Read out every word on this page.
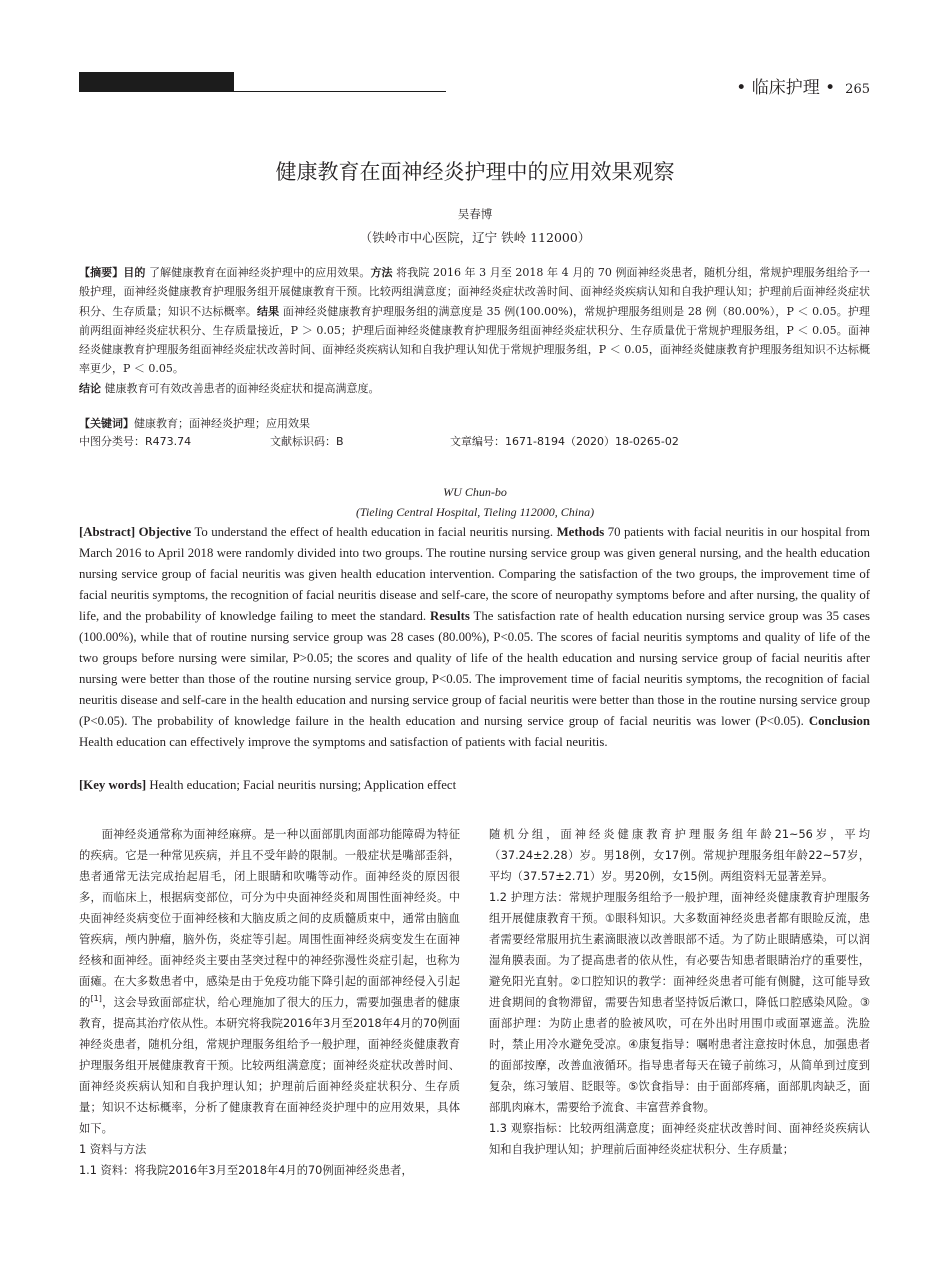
• 临床护理 • 265
健康教育在面神经炎护理中的应用效果观察
吴春博
（铁岭市中心医院，辽宁 铁岭 112000）
【摘要】目的 了解健康教育在面神经炎护理中的应用效果。方法 将我院 2016 年 3 月至 2018 年 4 月的 70 例面神经炎患者，随机分组，常规护理服务组给予一般护理，面神经炎健康教育护理服务组开展健康教育干预。比较两组满意度；面神经炎症状改善时间、面神经炎疾病认知和自我护理认知；护理前后面神经炎症状积分、生存质量；知识不达标概率。结果 面神经炎健康教育护理服务组的满意度是 35 例(100.00%)，常规护理服务组则是 28 例（80.00%），P ＜ 0.05。护理前两组面神经炎症状积分、生存质量接近，P ＞ 0.05；护理后面神经炎健康教育护理服务组面神经炎症状积分、生存质量优于常规护理服务组，P ＜ 0.05。面神经炎健康教育护理服务组面神经炎症状改善时间、面神经炎疾病认知和自我护理认知优于常规护理服务组，P ＜ 0.05，面神经炎健康教育护理服务组知识不达标概率更少，P ＜ 0.05。
结论 健康教育可有效改善患者的面神经炎症状和提高满意度。
【关键词】健康教育；面神经炎护理；应用效果
中图分类号：R473.74	文献标识码：B	文章编号：1671-8194（2020）18-0265-02
WU Chun-bo
(Tieling Central Hospital, Tieling 112000, China)
[Abstract] Objective To understand the effect of health education in facial neuritis nursing. Methods 70 patients with facial neuritis in our hospital from March 2016 to April 2018 were randomly divided into two groups. The routine nursing service group was given general nursing, and the health education nursing service group of facial neuritis was given health education intervention. Comparing the satisfaction of the two groups, the improvement time of facial neuritis symptoms, the recognition of facial neuritis disease and self-care, the score of neuropathy symptoms before and after nursing, the quality of life, and the probability of knowledge failing to meet the standard. Results The satisfaction rate of health education nursing service group was 35 cases (100.00%), while that of routine nursing service group was 28 cases (80.00%), P<0.05. The scores of facial neuritis symptoms and quality of life of the two groups before nursing were similar, P>0.05; the scores and quality of life of the health education and nursing service group of facial neuritis after nursing were better than those of the routine nursing service group, P<0.05. The improvement time of facial neuritis symptoms, the recognition of facial neuritis disease and self-care in the health education and nursing service group of facial neuritis were better than those in the routine nursing service group (P<0.05). The probability of knowledge failure in the health education and nursing service group of facial neuritis was lower (P<0.05). Conclusion Health education can effectively improve the symptoms and satisfaction of patients with facial neuritis.
[Key words] Health education; Facial neuritis nursing; Application effect

面神经炎通常称为面神经麻痹。是一种以面部肌肉面部功能障碍为特征的疾病。它是一种常见疾病，并且不受年龄的限制。一般症状是嘴部歪斜，患者通常无法完成抬起眉毛，闭上眼睛和吹嘴等动作。面神经炎的原因很多，而临床上，根据病变部位，可分为中央面神经炎和周围性面神经炎。中央面神经炎病变位于面神经核和大脑皮质之间的皮质髓质束中，通常由脑血管疾病，颅内肿瘤，脑外伤，炎症等引起。周围性面神经炎病变发生在面神经核和面神经。面神经炎主要由茎突过程中的神经弥漫性炎症引起，也称为面瘫。在大多数患者中，感染是由于免疫功能下降引起的面部神经侵入引起的[1]，这会导致面部症状，给心理施加了很大的压力，需要加强患者的健康教育，提高其治疗依从性。本研究将我院2016年3月至2018年4月的70例面神经炎患者，随机分组，常规护理服务组给予一般护理，面神经炎健康教育护理服务组开展健康教育干预。比较两组满意度；面神经炎症状改善时间、面神经炎疾病认知和自我护理认知；护理前后面神经炎症状积分、生存质量；知识不达标概率，分析了健康教育在面神经炎护理中的应用效果，具体如下。

1 资料与方法

1.1 资料：将我院2016年3月至2018年4月的70例面神经炎患者，

随机分组，面神经炎健康教育护理服务组年龄21~56岁，平均（37.24±2.28）岁。男18例，女17例。常规护理服务组年龄22~57岁，平均（37.57±2.71）岁。男20例，女15例。两组资料无显著差异。

1.2 护理方法：常规护理服务组给予一般护理，面神经炎健康教育护理服务组开展健康教育干预。①眼科知识。大多数面神经炎患者都有眼睑反流，患者需要经常服用抗生素滴眼液以改善眼部不适。为了防止眼睛感染，可以润湿角膜表面。为了提高患者的依从性，有必要告知患者眼睛治疗的重要性，避免阳光直射。②口腔知识的教学：面神经炎患者可能有侧腱，这可能导致进食期间的食物滞留，需要告知患者坚持饭后漱口，降低口腔感染风险。③面部护理：为防止患者的脸被风吹，可在外出时用围巾或面罩遮盖。洗脸时，禁止用冷水避免受凉。④康复指导：嘱咐患者注意按时休息，加强患者的面部按摩，改善血液循环。指导患者每天在镜子前练习，从简单到过度到复杂，练习皱眉、眨眼等。⑤饮食指导：由于面部疼痛，面部肌肉缺乏，面部肌肉麻木，需要给予流食、丰富营养食物。

1.3 观察指标：比较两组满意度；面神经炎症状改善时间、面神经炎疾病认知和自我护理认知；护理前后面神经炎症状积分、生存质量；
